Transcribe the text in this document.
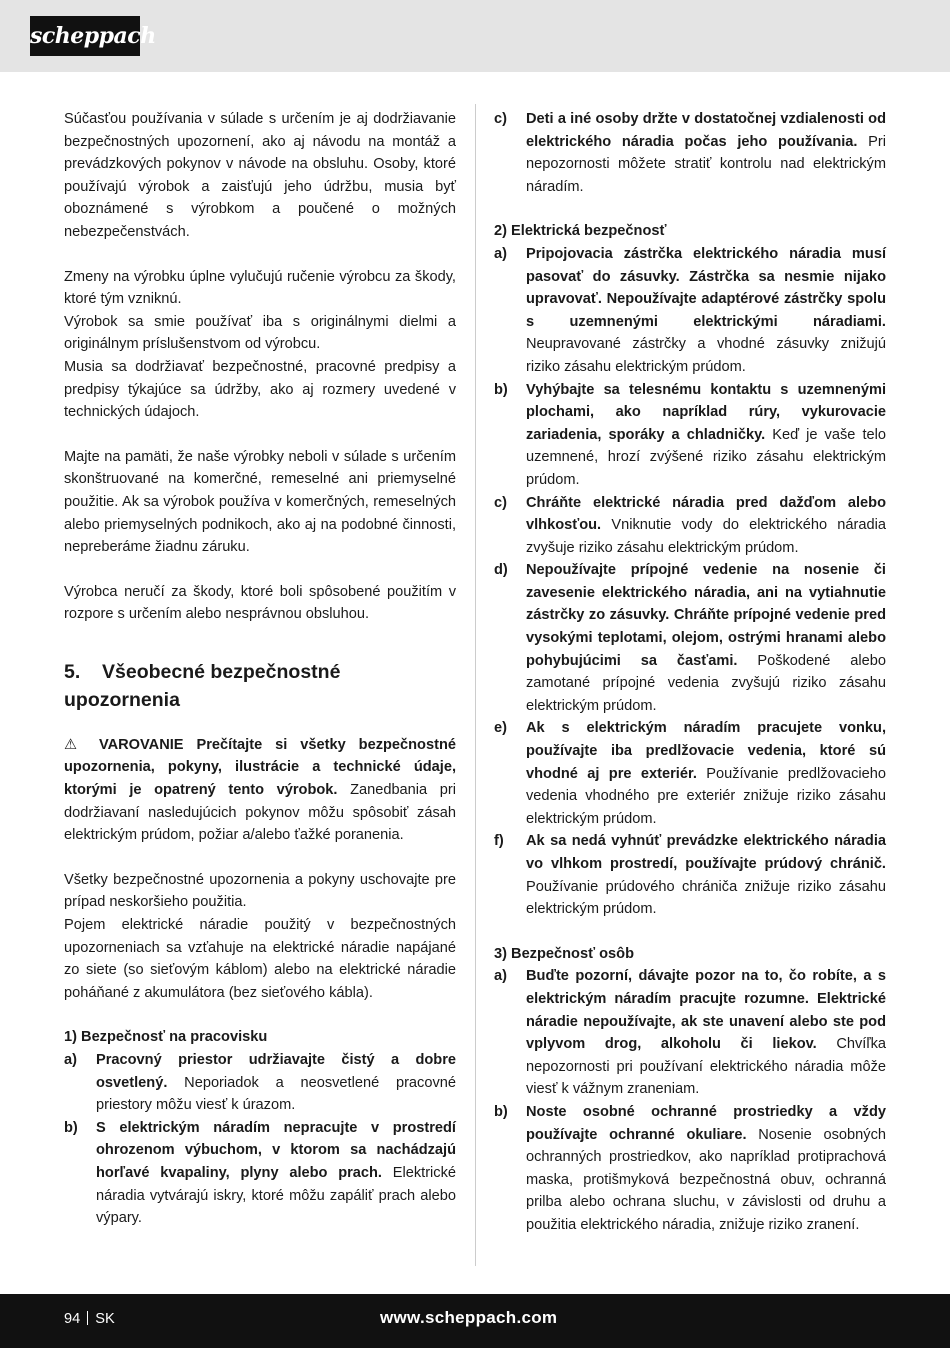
scheppach

Súčasťou používania v súlade s určením je aj dodržiavanie bezpečnostných upozornení, ako aj návodu na montáž a prevádzkových pokynov v návode na obsluhu. Osoby, ktoré používajú výrobok a zaisťujú jeho údržbu, musia byť oboznámené s výrobkom a poučené o možných nebezpečenstvách.

Zmeny na výrobku úplne vylučujú ručenie výrobcu za škody, ktoré tým vzniknú.

Výrobok sa smie používať iba s originálnymi dielmi a originálnym príslušenstvom od výrobcu.

Musia sa dodržiavať bezpečnostné, pracovné predpisy a predpisy týkajúce sa údržby, ako aj rozmery uvedené v technických údajoch.

Majte na pamäti, že naše výrobky neboli v súlade s určením skonštruované na komerčné, remeselné ani priemyselné použitie. Ak sa výrobok používa v komerčných, remeselných alebo priemyselných podnikoch, ako aj na podobné činnosti, nepreberáme žiadnu záruku.

Výrobca neručí za škody, ktoré boli spôsobené použitím v rozpore s určením alebo nesprávnou obsluhou.

5. Všeobecné bezpečnostné upozornenia

⚠ VAROVANIE Prečítajte si všetky bezpečnostné upozornenia, pokyny, ilustrácie a technické údaje, ktorými je opatrený tento výrobok. Zanedbania pri dodržiavaní nasledujúcich pokynov môžu spôsobiť zásah elektrickým prúdom, požiar a/alebo ťažké poranenia.

Všetky bezpečnostné upozornenia a pokyny uschovajte pre prípad neskoršieho použitia.

Pojem elektrické náradie použitý v bezpečnostných upozorneniach sa vzťahuje na elektrické náradie napájané zo siete (so sieťovým káblom) alebo na elektrické náradie poháňané z akumulátora (bez sieťového kábla).

1) Bezpečnosť na pracovisku

a)	Pracovný priestor udržiavajte čistý a dobre osvetlený. Neporiadok a neosvetlené pracovné priestory môžu viesť k úrazom.
b)	S elektrickým náradím nepracujte v prostredí ohrozenom výbuchom, v ktorom sa nachádzajú horľavé kvapaliny, plyny alebo prach. Elektrické náradia vytvárajú iskry, ktoré môžu zapáliť prach alebo výpary.
c)	Deti a iné osoby držte v dostatočnej vzdialenosti od elektrického náradia počas jeho používania. Pri nepozornosti môžete stratiť kontrolu nad elektrickým náradím.

2) Elektrická bezpečnosť

a)	Pripojovacia zástrčka elektrického náradia musí pasovať do zásuvky. Zástrčka sa nesmie nijako upravovať. Nepoužívajte adaptérové zástrčky spolu s uzemnenými elektrickými náradiami. Neupravované zástrčky a vhodné zásuvky znižujú riziko zásahu elektrickým prúdom.
b)	Vyhýbajte sa telesnému kontaktu s uzemnenými plochami, ako napríklad rúry, vykurovacie zariadenia, sporáky a chladničky. Keď je vaše telo uzemnené, hrozí zvýšené riziko zásahu elektrickým prúdom.
c)	Chráňte elektrické náradia pred dažďom alebo vlhkosťou. Vniknutie vody do elektrického náradia zvyšuje riziko zásahu elektrickým prúdom.
d)	Nepoužívajte prípojné vedenie na nosenie či zavesenie elektrického náradia, ani na vytiahnutie zástrčky zo zásuvky. Chráňte prípojné vedenie pred vysokými teplotami, olejom, ostrými hranami alebo pohybujúcimi sa časťami. Poškodené alebo zamotané prípojné vedenia zvyšujú riziko zásahu elektrickým prúdom.
e)	Ak s elektrickým náradím pracujete vonku, používajte iba predlžovacie vedenia, ktoré sú vhodné aj pre exteriér. Používanie predlžovacieho vedenia vhodného pre exteriér znižuje riziko zásahu elektrickým prúdom.
f)	Ak sa nedá vyhnúť prevádzke elektrického náradia vo vlhkom prostredí, používajte prúdový chránič. Používanie prúdového chrániča znižuje riziko zásahu elektrickým prúdom.

3) Bezpečnosť osôb

a)	Buďte pozorní, dávajte pozor na to, čo robíte, a s elektrickým náradím pracujte rozumne. Elektrické náradie nepoužívajte, ak ste unavení alebo ste pod vplyvom drog, alkoholu či liekov. Chvíľka nepozornosti pri používaní elektrického náradia môže viesť k vážnym zraneniam.
b)	Noste osobné ochranné prostriedky a vždy používajte ochranné okuliare. Nosenie osobných ochranných prostriedkov, ako napríklad protiprachová maska, protišmyková bezpečnostná obuv, ochranná prilba alebo ochrana sluchu, v závislosti od druhu a použitia elektrického náradia, znižuje riziko zranení.
94 SK	www.scheppach.com
